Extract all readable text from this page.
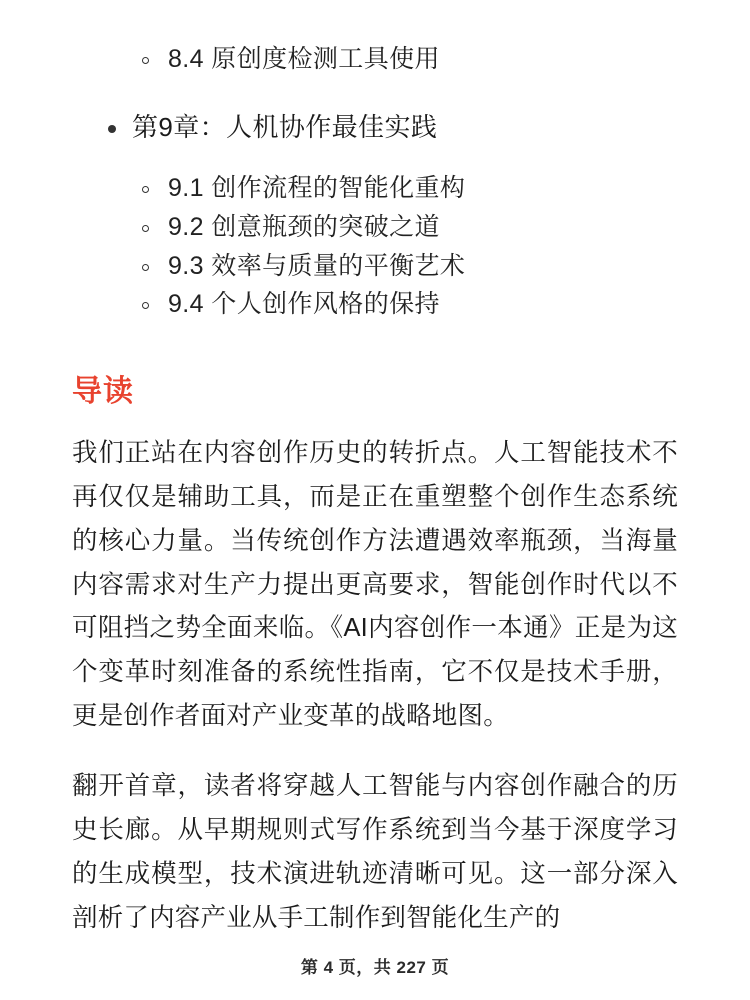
8.4 原创度检测工具使用
第9章：人机协作最佳实践
9.1 创作流程的智能化重构
9.2 创意瓶颈的突破之道
9.3 效率与质量的平衡艺术
9.4 个人创作风格的保持
导读

我们正站在内容创作历史的转折点。人工智能技术不再仅仅是辅助工具，而是正在重塑整个创作生态系统的核心力量。当传统创作方法遭遇效率瓶颈，当海量内容需求对生产力提出更高要求，智能创作时代以不可阻挡之势全面来临。《AI内容创作一本通》正是为这个变革时刻准备的系统性指南，它不仅是技术手册，更是创作者面对产业变革的战略地图。

翻开首章，读者将穿越人工智能与内容创作融合的历史长廊。从早期规则式写作系统到当今基于深度学习的生成模型，技术演进轨迹清晰可见。这一部分深入剖析了内容产业从手工制作到智能化生产的

第 4 页，共 227 页
